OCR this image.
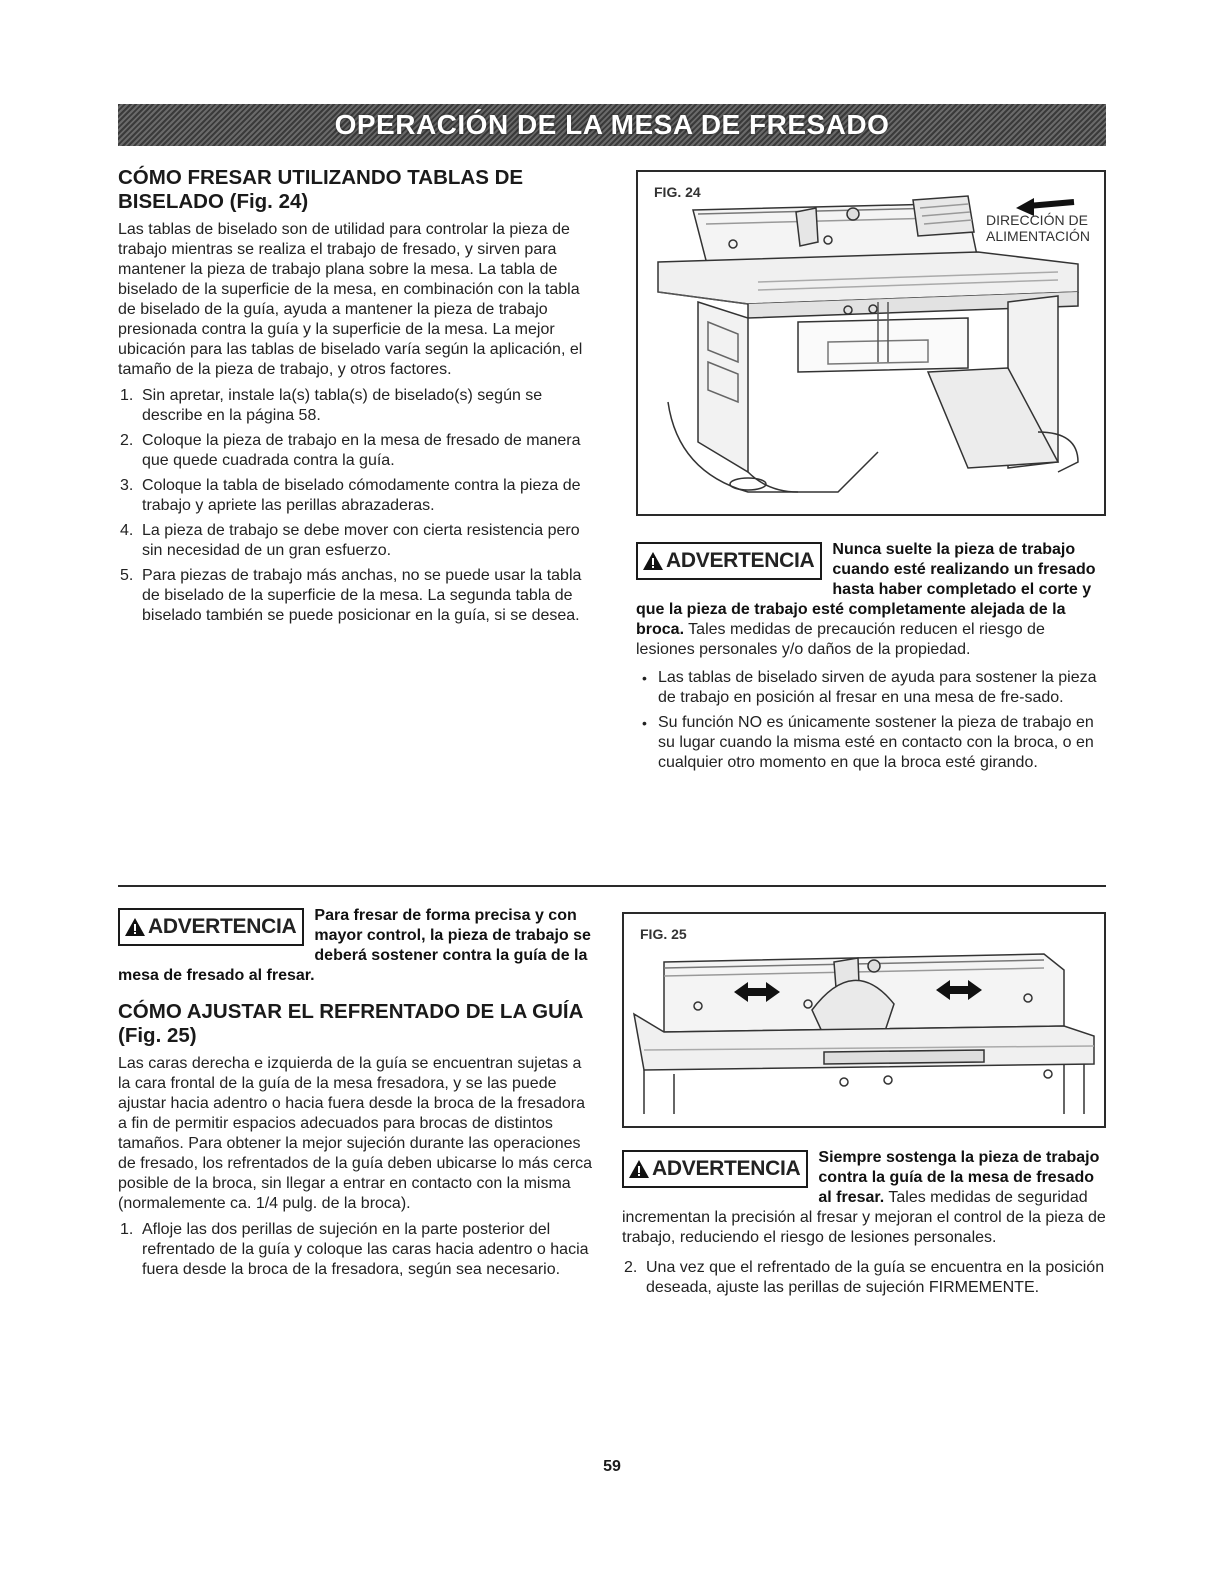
OPERACIÓN DE LA MESA DE FRESADO
CÓMO FRESAR UTILIZANDO TABLAS DE BISELADO (Fig. 24)

Las tablas de biselado son de utilidad para controlar la pieza de trabajo mientras se realiza el trabajo de fresado, y sirven para mantener la pieza de trabajo plana sobre la mesa. La tabla de biselado de la superficie de la mesa, en combinación con la tabla de biselado de la guía, ayuda a mantener la pieza de trabajo presionada contra la guía y la superficie de la mesa. La mejor ubicación para las tablas de biselado varía según la aplicación, el tamaño de la pieza de trabajo, y otros factores.

1. Sin apretar, instale la(s) tabla(s) de biselado(s) según se describe en la página 58.
2. Coloque la pieza de trabajo en la mesa de fresado de manera que quede cuadrada contra la guía.
3. Coloque la tabla de biselado cómodamente contra la pieza de trabajo y apriete las perillas abrazaderas.
4. La pieza de trabajo se debe mover con cierta resistencia pero sin necesidad de un gran esfuerzo.
5. Para piezas de trabajo más anchas, no se puede usar la tabla de biselado de la superficie de la mesa. La segunda tabla de biselado también se puede posicionar en la guía, si se desea.
FIG. 24
DIRECCIÓN DE
ALIMENTACIÓN
ADVERTENCIA Nunca suelte la pieza de trabajo cuando esté realizando un fresado hasta haber completado el corte y que la pieza de trabajo esté completamente alejada de la broca. Tales medidas de precaución reducen el riesgo de lesiones personales y/o daños de la propiedad.
• Las tablas de biselado sirven de ayuda para sostener la pieza de trabajo en posición al fresar en una mesa de fre-sado.
• Su función NO es únicamente sostener la pieza de trabajo en su lugar cuando la misma esté en contacto con la broca, o en cualquier otro momento en que la broca esté girando.
ADVERTENCIA Para fresar de forma precisa y con mayor control, la pieza de trabajo se deberá sostener contra la guía de la mesa de fresado al fresar.
CÓMO AJUSTAR EL REFRENTADO DE LA GUÍA (Fig. 25)

Las caras derecha e izquierda de la guía se encuentran sujetas a la cara frontal de la guía de la mesa fresadora, y se las puede ajustar hacia adentro o hacia fuera desde la broca de la fresadora a fin de permitir espacios adecuados para brocas de distintos tamaños. Para obtener la mejor sujeción durante las operaciones de fresado, los refrentados de la guía deben ubicarse lo más cerca posible de la broca, sin llegar a entrar en contacto con la misma (normalemente ca. 1/4 pulg. de la broca).

1. Afloje las dos perillas de sujeción en la parte posterior del refrentado de la guía y coloque las caras hacia adentro o hacia fuera desde la broca de la fresadora, según sea necesario.
FIG. 25
ADVERTENCIA Siempre sostenga la pieza de trabajo contra la guía de la mesa de fresado al fresar. Tales medidas de seguridad incrementan la precisión al fresar y mejoran el control de la pieza de trabajo, reduciendo el riesgo de lesiones personales.
2. Una vez que el refrentado de la guía se encuentra en la posición deseada, ajuste las perillas de sujeción FIRMEMENTE.
59
